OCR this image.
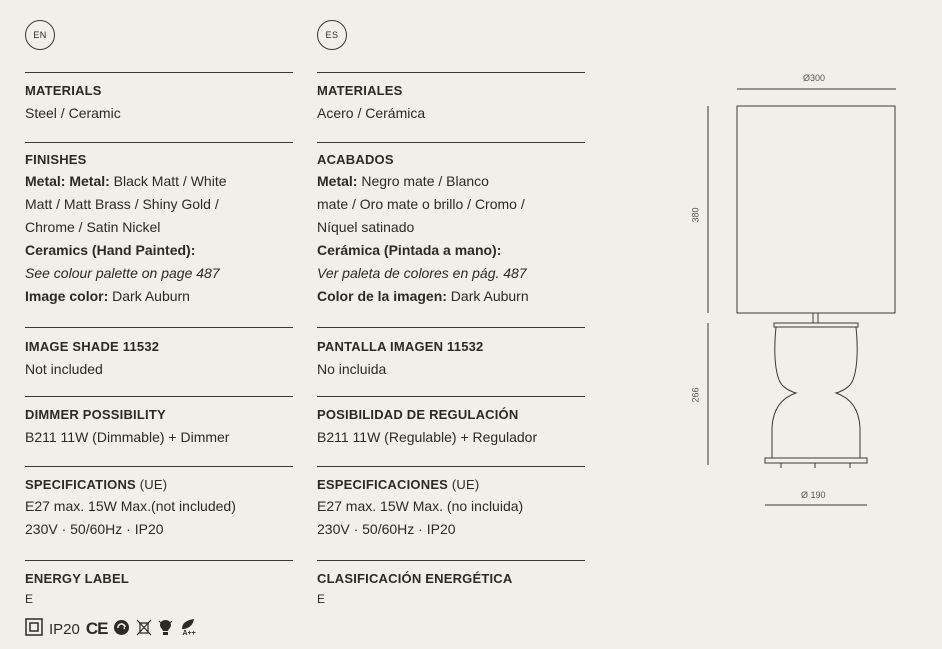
EN	ES
MATERIALS
Steel / Ceramic
FINISHES
Metal: Metal: Black Matt / White
Matt / Matt Brass / Shiny Gold /
Chrome / Satin Nickel
Ceramics (Hand Painted):
See colour palette on page 487
Image color: Dark Auburn
IMAGE SHADE 11532
Not included
DIMMER POSSIBILITY
B211 11W (Dimmable) + Dimmer
SPECIFICATIONS (UE)
E27 max. 15W Max.(not included)
230V · 50/60Hz · IP20
ENERGY LABEL
E
MATERIALES
Acero / Cerámica
ACABADOS
Metal: Negro mate / Blanco
mate / Oro mate o brillo / Cromo /
Níquel satinado
Cerámica (Pintada a mano):
Ver paleta de colores en pág. 487
Color de la imagen: Dark Auburn
PANTALLA IMAGEN 11532
No incluida
POSIBILIDAD DE REGULACIÓN
B211 11W (Regulable) + Regulador
ESPECIFICACIONES (UE)
E27 max. 15W Max. (no incluida)
230V · 50/60Hz · IP20
CLASIFICACIÓN ENERGÉTICA
E
IP20 CE	A++
Ø300
380
266
Ø 190
